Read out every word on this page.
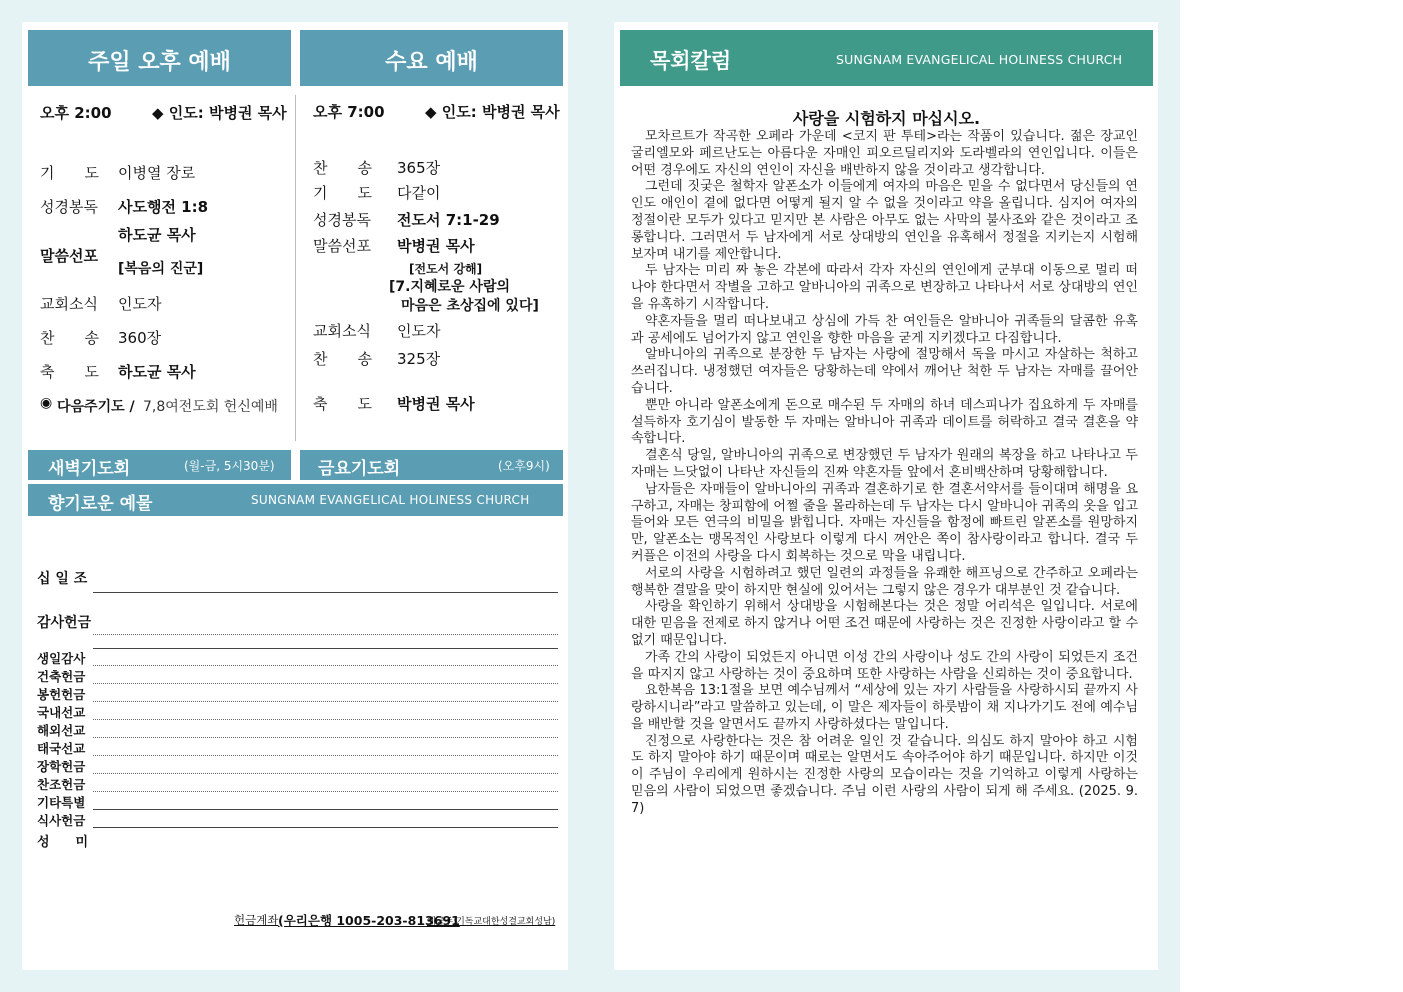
주일 오후 예배	수요 예배
오후 2:00	◆ 인도: 박병권 목사
기　　도 이병열 장로
성경봉독 사도행전 1:8
말씀선포
하도균 목사
[복음의 진군]
교회소식 인도자
찬　　송 360장
축　　도 하도균 목사
◉ 다음주기도 / 7,8여전도회 헌신예배
오후 7:00	◆ 인도: 박병권 목사
찬　　송 365장
기　　도 다같이
성경봉독 전도서 7:1-29
말씀선포 박병권 목사
[전도서 강해]
[7.지혜로운 사람의
마음은 초상집에 있다]
교회소식 인도자
찬　　송 325장
축　　도 박병권 목사
새벽기도회	(월-금, 5시30분)	금요기도회	(오후9시)
향기로운 예물	SUNGNAM EVANGELICAL HOLINESS CHURCH
십 일 조
감사헌금
생일감사
건축헌금
봉헌헌금
국내선교
해외선교
태국선교
장학헌금
찬조헌금
기타특별
식사헌금
성　　미
헌금계좌 (우리은행 1005-203-813691
예금주:기독교대한성결교회성남)
목회칼럼	SUNGNAM EVANGELICAL HOLINESS CHURCH
사랑을 시험하지 마십시오.

모차르트가 작곡한 오페라 가운데 <코지 판 투테>라는 작품이 있습니다. 젊은 장교인 굴리엘모와 페르난도는 아름다운 자매인 피오르딜리지와 도라벨라의 연인입니다. 이들은 어떤 경우에도 자신의 연인이 자신을 배반하지 않을 것이라고 생각합니다.

그런데 짓궂은 철학자 알폰소가 이들에게 여자의 마음은 믿을 수 없다면서 당신들의 연인도 애인이 곁에 없다면 어떻게 될지 알 수 없을 것이라고 약을 올립니다. 심지어 여자의 정절이란 모두가 있다고 믿지만 본 사람은 아무도 없는 사막의 불사조와 같은 것이라고 조롱합니다. 그러면서 두 남자에게 서로 상대방의 연인을 유혹해서 정절을 지키는지 시험해보자며 내기를 제안합니다.

두 남자는 미리 짜 놓은 각본에 따라서 각자 자신의 연인에게 군부대 이동으로 멀리 떠나야 한다면서 작별을 고하고 알바니아의 귀족으로 변장하고 나타나서 서로 상대방의 연인을 유혹하기 시작합니다.

약혼자들을 멀리 떠나보내고 상심에 가득 찬 여인들은 알바니아 귀족들의 달콤한 유혹과 공세에도 넘어가지 않고 연인을 향한 마음을 굳게 지키겠다고 다짐합니다.

알바니아의 귀족으로 분장한 두 남자는 사랑에 절망해서 독을 마시고 자살하는 척하고 쓰러집니다. 냉정했던 여자들은 당황하는데 약에서 깨어난 척한 두 남자는 자매를 끌어안습니다.

뿐만 아니라 알폰소에게 돈으로 매수된 두 자매의 하녀 데스피나가 집요하게 두 자매를 설득하자 호기심이 발동한 두 자매는 알바니아 귀족과 데이트를 허락하고 결국 결혼을 약속합니다.

결혼식 당일, 알바니아의 귀족으로 변장했던 두 남자가 원래의 복장을 하고 나타나고 두 자매는 느닷없이 나타난 자신들의 진짜 약혼자들 앞에서 혼비백산하며 당황해합니다.

남자들은 자매들이 알바니아의 귀족과 결혼하기로 한 결혼서약서를 들이대며 해명을 요구하고, 자매는 창피함에 어쩔 줄을 몰라하는데 두 남자는 다시 알바니아 귀족의 옷을 입고 들어와 모든 연극의 비밀을 밝힙니다. 자매는 자신들을 함정에 빠트린 알폰소를 원망하지만, 알폰소는 맹목적인 사랑보다 이렇게 다시 껴안은 쪽이 참사랑이라고 합니다. 결국 두 커플은 이전의 사랑을 다시 회복하는 것으로 막을 내립니다.

서로의 사랑을 시험하려고 했던 일련의 과정들을 유쾌한 해프닝으로 간주하고 오페라는 행복한 결말을 맞이 하지만 현실에 있어서는 그렇지 않은 경우가 대부분인 것 같습니다.

사랑을 확인하기 위해서 상대방을 시험해본다는 것은 정말 어리석은 일입니다. 서로에 대한 믿음을 전제로 하지 않거나 어떤 조건 때문에 사랑하는 것은 진정한 사랑이라고 할 수 없기 때문입니다.

가족 간의 사랑이 되었든지 아니면 이성 간의 사랑이나 성도 간의 사랑이 되었든지 조건을 따지지 않고 사랑하는 것이 중요하며 또한 사랑하는 사람을 신뢰하는 것이 중요합니다.

요한복음 13:1절을 보면 예수님께서 “세상에 있는 자기 사람들을 사랑하시되 끝까지 사랑하시니라”라고 말씀하고 있는데, 이 말은 제자들이 하룻밤이 채 지나가기도 전에 예수님을 배반할 것을 알면서도 끝까지 사랑하셨다는 말입니다.

진정으로 사랑한다는 것은 참 어려운 일인 것 같습니다. 의심도 하지 말아야 하고 시험도 하지 말아야 하기 때문이며 때로는 알면서도 속아주어야 하기 때문입니다. 하지만 이것이 주님이 우리에게 원하시는 진정한 사랑의 모습이라는 것을 기억하고 이렇게 사랑하는 믿음의 사람이 되었으면 좋겠습니다. 주님 이런 사랑의 사람이 되게 해 주세요. (2025. 9. 7)
